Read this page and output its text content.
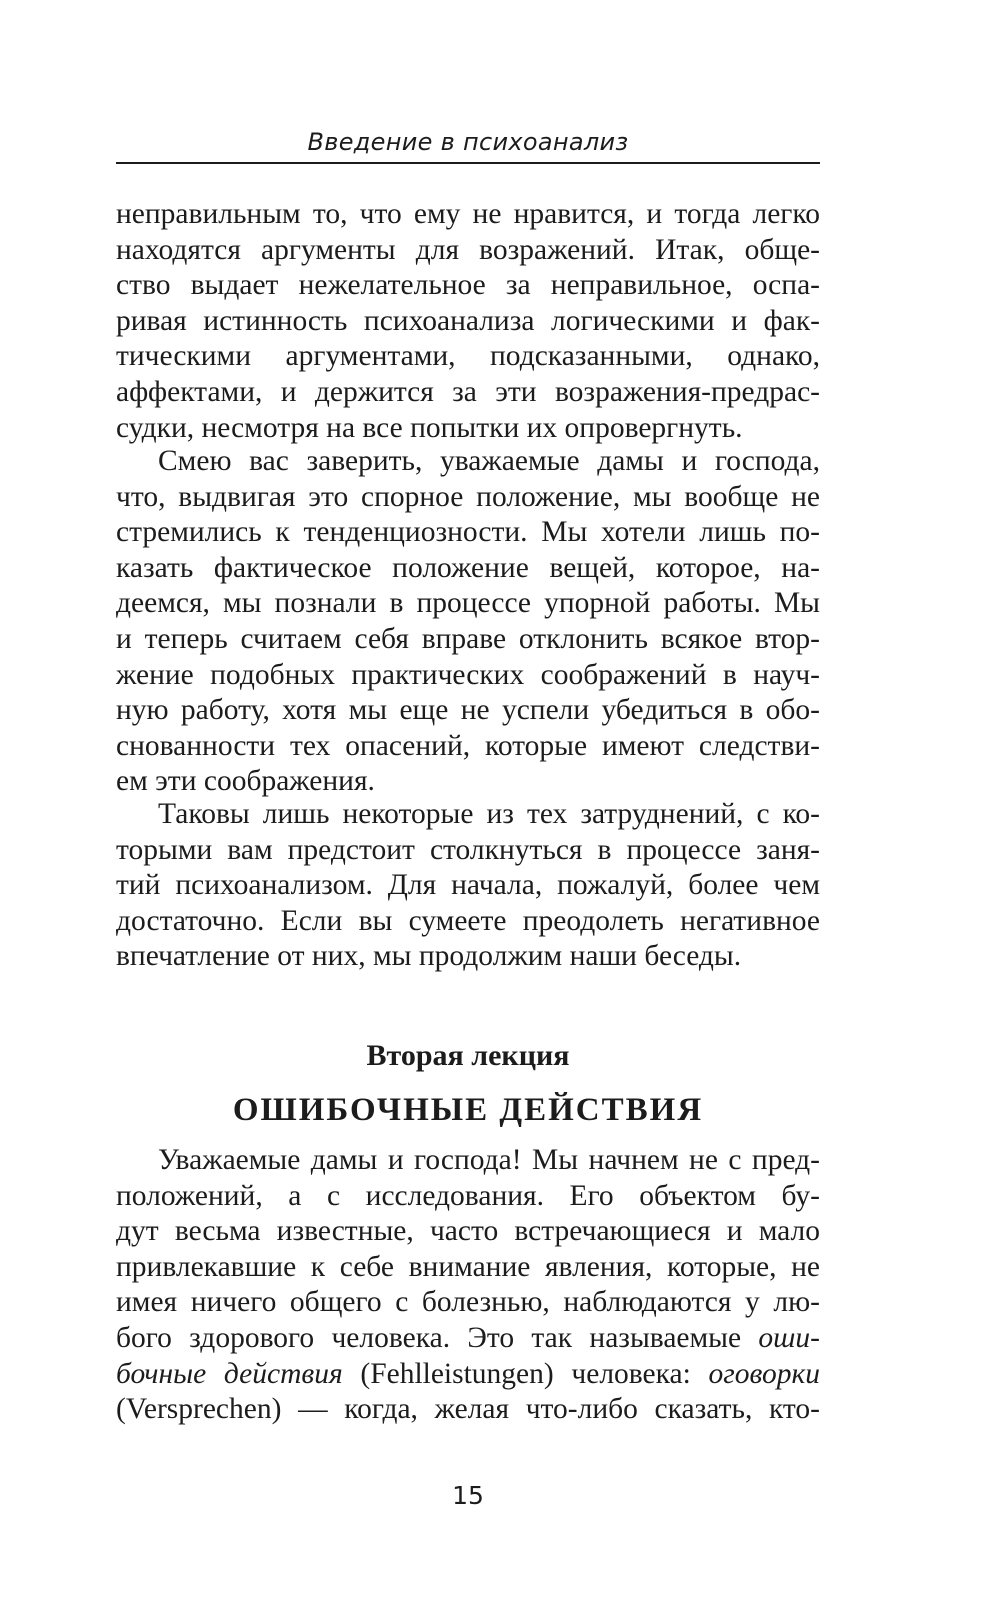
Введение в психоанализ
неправильным то, что ему не нравится, и тогда легко
находятся аргументы для возражений. Итак, обще-
ство выдает нежелательное за неправильное, оспа-
ривая истинность психоанализа логическими и фак-
тическими аргументами, подсказанными, однако,
аффектами, и держится за эти возражения-предрас-
судки, несмотря на все попытки их опровергнуть.
Смею вас заверить, уважаемые дамы и господа,
что, выдвигая это спорное положение, мы вообще не
стремились к тенденциозности. Мы хотели лишь по-
казать фактическое положение вещей, которое, на-
деемся, мы познали в процессе упорной работы. Мы
и теперь считаем себя вправе отклонить всякое втор-
жение подобных практических соображений в науч-
ную работу, хотя мы еще не успели убедиться в обо-
снованности тех опасений, которые имеют следстви-
ем эти соображения.
Таковы лишь некоторые из тех затруднений, с ко-
торыми вам предстоит столкнуться в процессе заня-
тий психоанализом. Для начала, пожалуй, более чем
достаточно. Если вы сумеете преодолеть негативное
впечатление от них, мы продолжим наши беседы.
Вторая лекция
ОШИБОЧНЫЕ ДЕЙСТВИЯ
Уважаемые дамы и господа! Мы начнем не с пред-
положений, а с исследования. Его объектом бу-
дут весьма известные, часто встречающиеся и мало
привлекавшие к себе внимание явления, которые, не
имея ничего общего с болезнью, наблюдаются у лю-
бого здорового человека. Это так называемые оши-
бочные действия (Fehlleistungen) человека: оговорки
(Versprechen) — когда, желая что-либо сказать, кто-
15
